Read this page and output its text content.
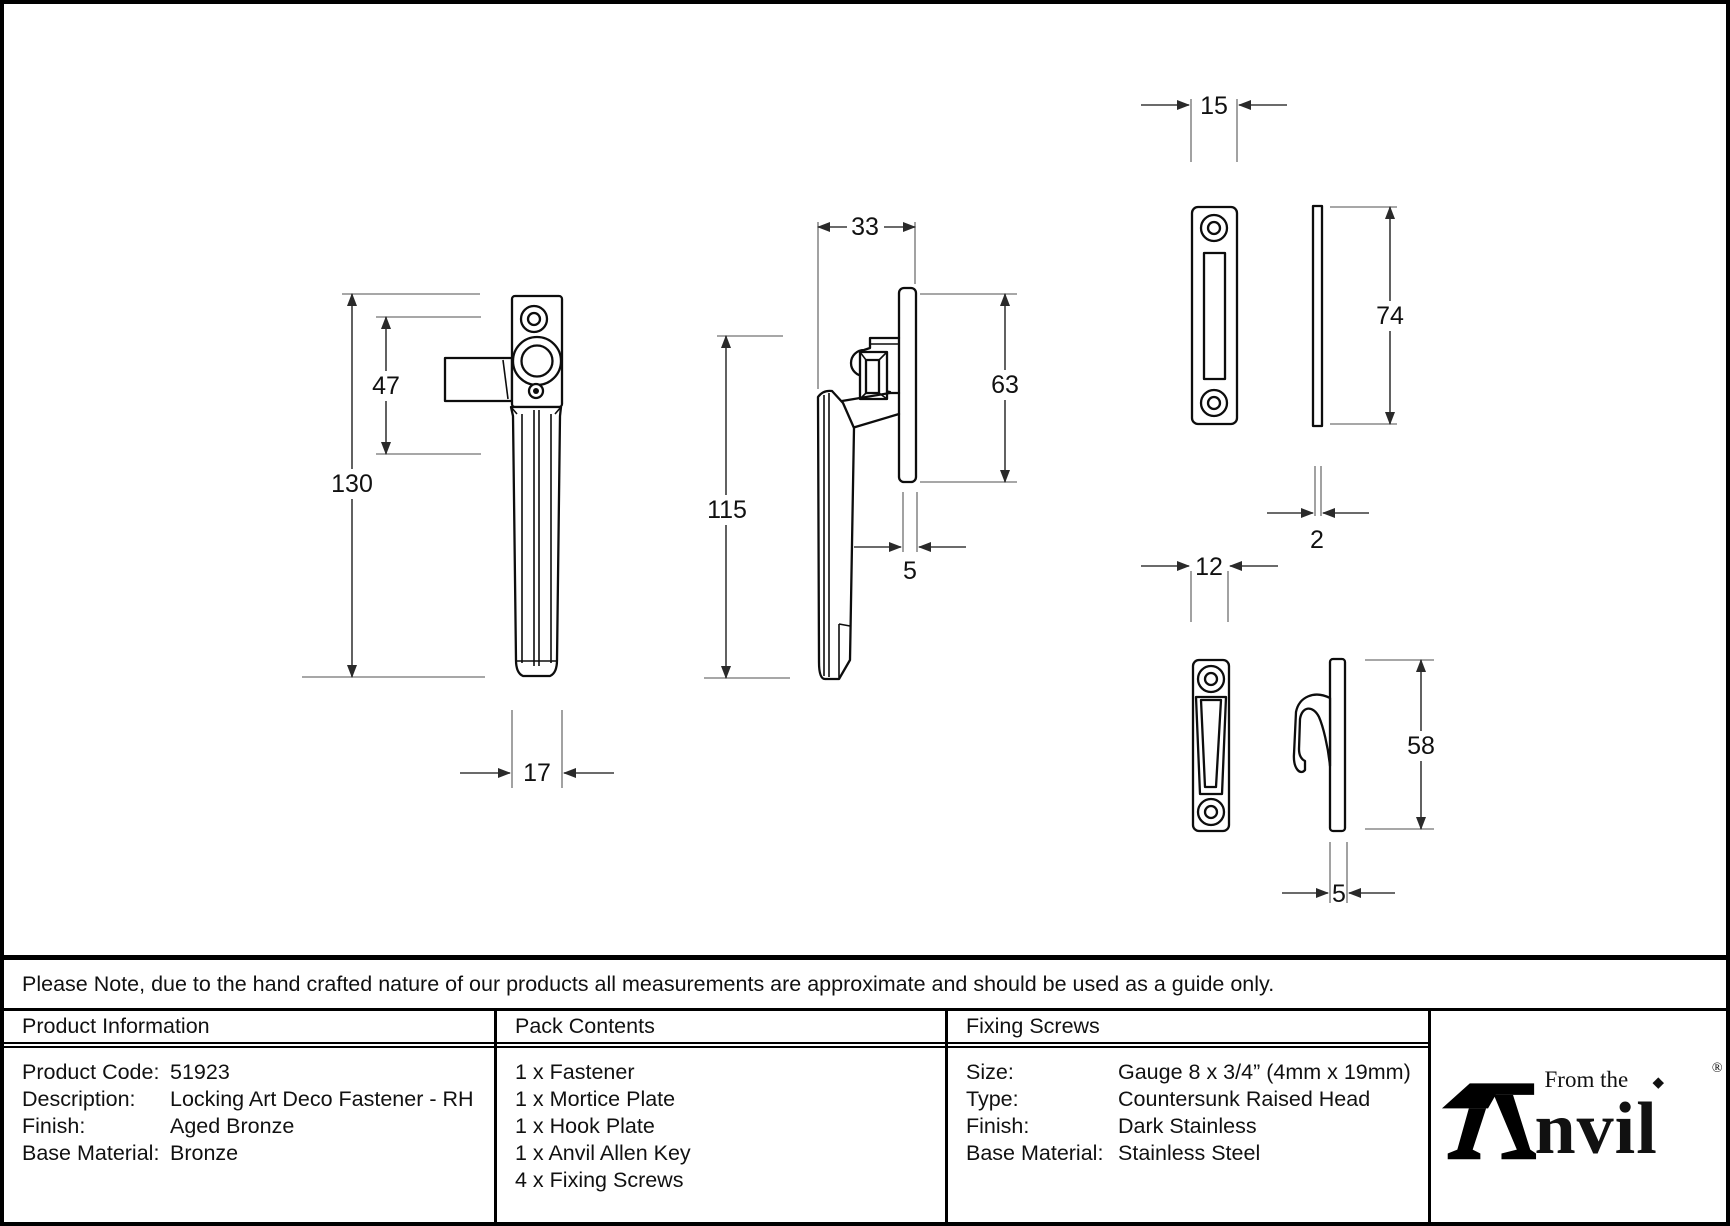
130
47
17
33
115
63
5
15
74
2
12
58
5
Please Note, due to the hand crafted nature of our products all measurements are approximate and should be used as a guide only.
Product Information
Product Code: 51923
Description:	Locking Art Deco Fastener - RH
Finish:	Aged Bronze
Base Material: Bronze
Pack Contents
1 x Fastener
1 x Mortice Plate
1 x Hook Plate
1 x Anvil Allen Key
4 x Fixing Screws
Fixing Screws
Size:	Gauge 8 x 3/4” (4mm x 19mm)
Type:	Countersunk Raised Head
Finish:	Dark Stainless
Base Material: Stainless Steel	nvil
From the ◆
®
